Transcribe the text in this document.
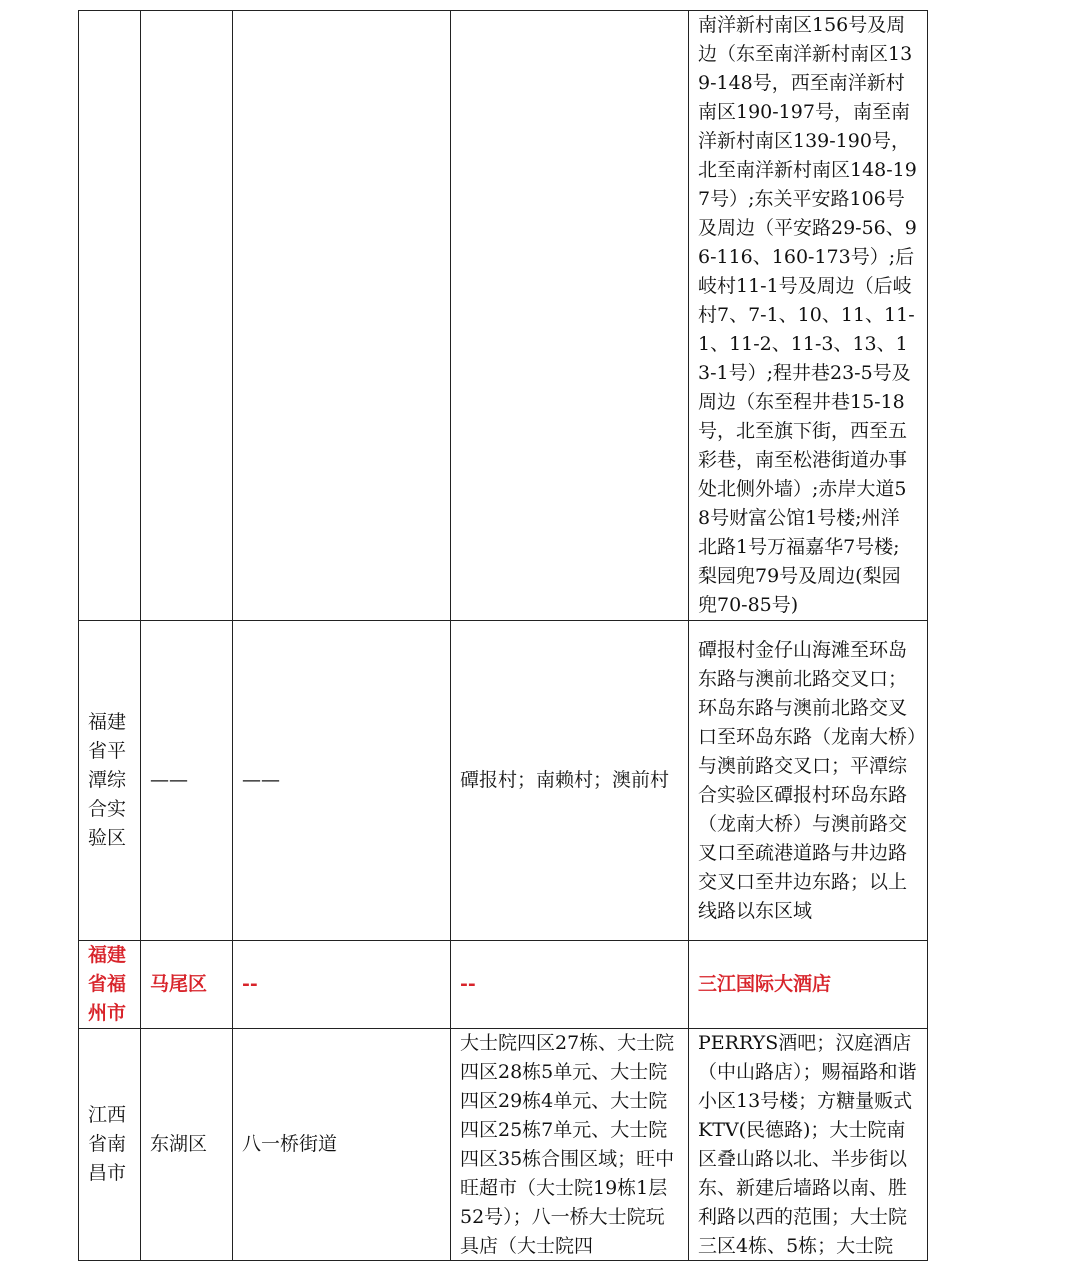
				南洋新村南区156号及周边（东至南洋新村南区139-148号，西至南洋新村南区190-197号，南至南洋新村南区139-190号，北至南洋新村南区148-197号）;东关平安路106号及周边（平安路29-56、96-116、160-173号）;后岐村11-1号及周边（后岐村7、7-1、10、11、11-1、11-2、11-3、13、13-1号）;程井巷23-5号及周边（东至程井巷15-18号，北至旗下街，西至五彩巷，南至松港街道办事处北侧外墙）;赤岸大道58号财富公馆1号楼;州洋北路1号万福嘉华7号楼;梨园兜79号及周边(梨园兜70-85号)
福建省平潭综合实验区	——	——	磹报村；南赖村；澳前村	磹报村金仔山海滩至环岛东路与澳前北路交叉口；环岛东路与澳前北路交叉口至环岛东路（龙南大桥）与澳前路交叉口；平潭综合实验区磹报村环岛东路（龙南大桥）与澳前路交叉口至疏港道路与井边路交叉口至井边东路；以上线路以东区域
福建省福州市	马尾区	--	--	三江国际大酒店
江西省南昌市	东湖区	八一桥街道	大士院四区27栋、大士院四区28栋5单元、大士院四区29栋4单元、大士院四区25栋7单元、大士院四区35栋合围区域；旺中旺超市（大士院19栋1层52号）；八一桥大士院玩具店（大士院四	PERRYS酒吧；汉庭酒店（中山路店）；赐福路和谐小区13号楼；方糖量贩式KTV(民德路)；大士院南区叠山路以北、半步街以东、新建后墙路以南、胜利路以西的范围；大士院三区4栋、5栋；大士院
